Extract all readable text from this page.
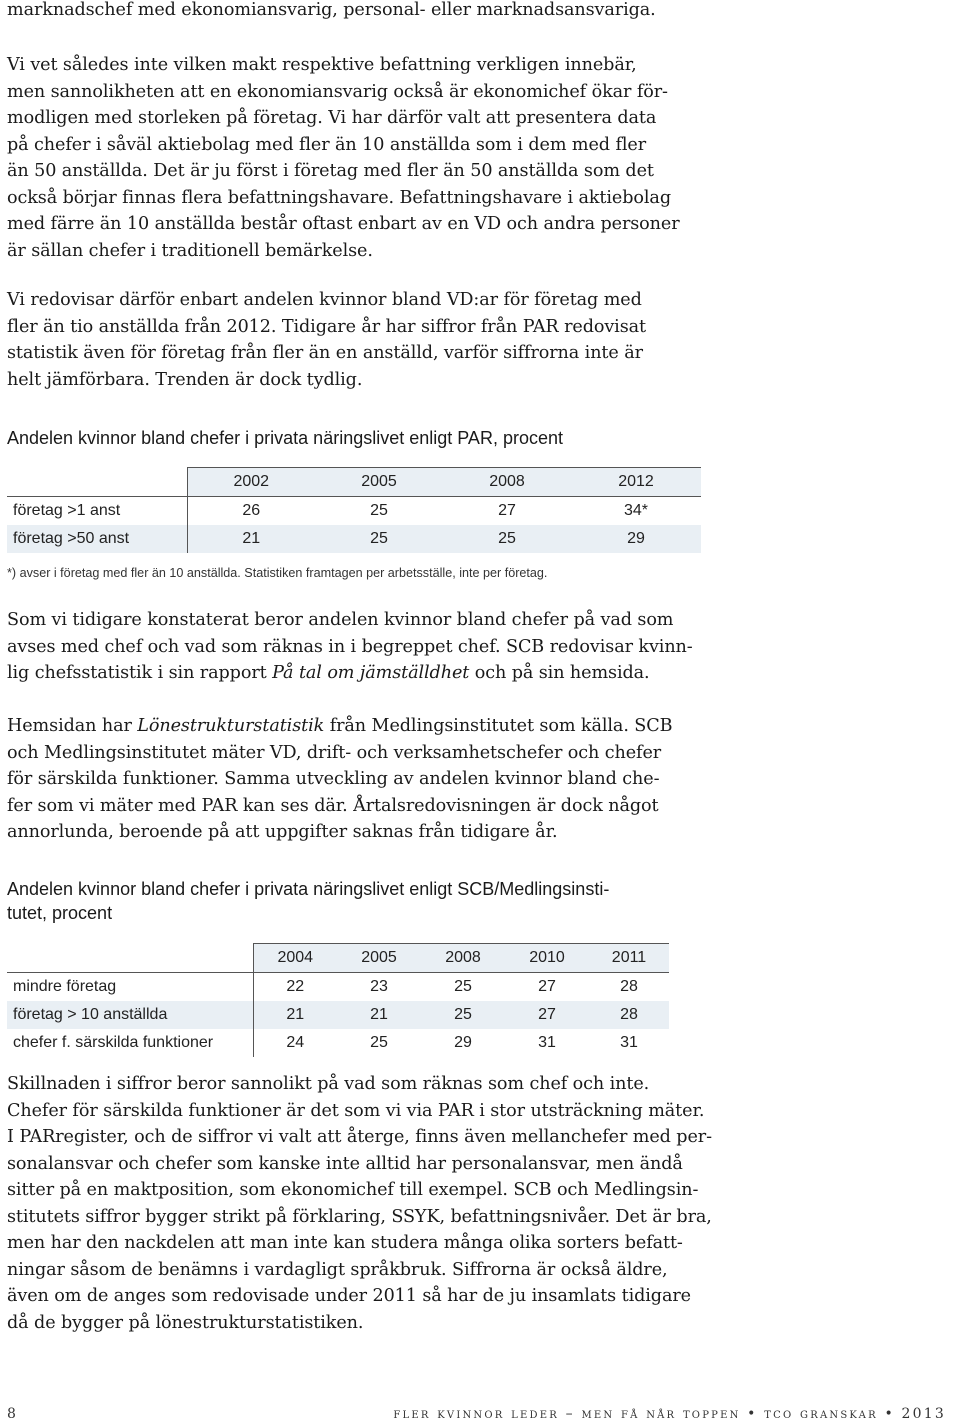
marknadschef med ekonomiansvarig, personal- eller marknadsansvariga.

Vi vet således inte vilken makt respektive befattning verkligen innebär,
men sannolikheten att en ekonomiansvarig också är ekonomichef ökar för-
modligen med storleken på företag. Vi har därför valt att presentera data
på chefer i såväl aktiebolag med fler än 10 anställda som i dem med fler
än 50 anställda. Det är ju först i företag med fler än 50 anställda som det
också börjar finnas flera befattningshavare. Befattningshavare i aktiebolag
med färre än 10 anställda består oftast enbart av en VD och andra personer
är sällan chefer i traditionell bemärkelse.

Vi redovisar därför enbart andelen kvinnor bland VD:ar för företag med
fler än tio anställda från 2012. Tidigare år har siffror från PAR redovisat
statistik även för företag från fler än en anställd, varför siffrorna inte är
helt jämförbara. Trenden är dock tydlig.

Andelen kvinnor bland chefer i privata näringslivet enligt PAR, procent

	2002	2005	2008	2012
företag >1 anst	26	25	27	34*
företag >50 anst	21	25	25	29

*) avser i företag med fler än 10 anställda. Statistiken framtagen per arbetsställe, inte per företag.

Som vi tidigare konstaterat beror andelen kvinnor bland chefer på vad som
avses med chef och vad som räknas in i begreppet chef. SCB redovisar kvinn-
lig chefsstatistik i sin rapport På tal om jämställdhet och på sin hemsida.

Hemsidan har Lönestrukturstatistik från Medlingsinstitutet som källa. SCB
och Medlingsinstitutet mäter VD, drift- och verksamhetschefer och chefer
för särskilda funktioner. Samma utveckling av andelen kvinnor bland che-
fer som vi mäter med PAR kan ses där. Årtalsredovisningen är dock något
annorlunda, beroende på att uppgifter saknas från tidigare år.

Andelen kvinnor bland chefer i privata näringslivet enligt SCB/Medlingsinsti-
tutet, procent

	2004	2005	2008	2010	2011
mindre företag	22	23	25	27	28
företag > 10 anställda	21	21	25	27	28
chefer f. särskilda funktioner	24	25	29	31	31

Skillnaden i siffror beror sannolikt på vad som räknas som chef och inte.
Chefer för särskilda funktioner är det som vi via PAR i stor utsträckning mäter.
I PARregister, och de siffror vi valt att återge, finns även mellanchefer med per-
sonalansvar och chefer som kanske inte alltid har personalansvar, men ändå
sitter på en maktposition, som ekonomichef till exempel. SCB och Medlingsin-
stitutets siffror bygger strikt på förklaring, SSYK, befattningsnivåer. Det är bra,
men har den nackdelen att man inte kan studera många olika sorters befatt-
ningar såsom de benämns i vardagligt språkbruk. Siffrorna är också äldre,
även om de anges som redovisade under 2011 så har de ju insamlats tidigare
då de bygger på lönestrukturstatistiken.

8	fler kvinnor leder – men få når toppen • tco granskar • 2013
